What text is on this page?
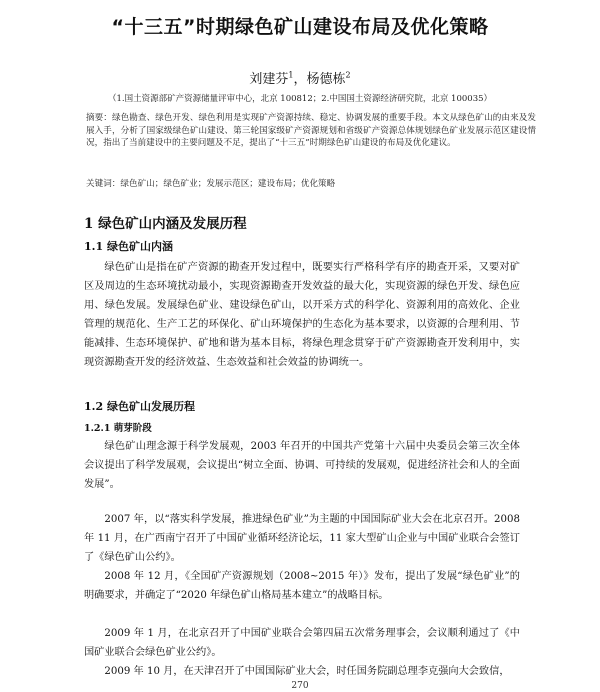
“十三五”时期绿色矿山建设布局及优化策略
刘建芬$^1$，杨德栋$^2$
（1.国土资源部矿产资源储量评审中心，北京 100812；2.中国国土资源经济研究院，北京 100035）
摘要：绿色勘查、绿色开发、绿色利用是实现矿产资源持续、稳定、协调发展的重要手段。本文从绿色矿山的由来及发展入手，分析了国家级绿色矿山建设、第三轮国家级矿产资源规划和省级矿产资源总体规划绿色矿业发展示范区建设情况，指出了当前建设中的主要问题及不足，提出了“十三五”时期绿色矿山建设的布局及优化建议。
关键词：绿色矿山；绿色矿业；发展示范区；建设布局；优化策略
1 绿色矿山内涵及发展历程
1.1 绿色矿山内涵
绿色矿山是指在矿产资源的勘查开发过程中，既要实行严格科学有序的勘查开采，又要对矿区及周边的生态环境扰动最小，实现资源勘查开发效益的最大化，实现资源的绿色开发、绿色应用、绿色发展。发展绿色矿业、建设绿色矿山，以开采方式的科学化、资源利用的高效化、企业管理的规范化、生产工艺的环保化、矿山环境保护的生态化为基本要求，以资源的合理利用、节能减排、生态环境保护、矿地和谐为基本目标，将绿色理念贯穿于矿产资源勘查开发利用中，实现资源勘查开发的经济效益、生态效益和社会效益的协调统一。
1.2 绿色矿山发展历程
1.2.1 萌芽阶段
绿色矿山理念源于科学发展观，2003 年召开的中国共产党第十六届中央委员会第三次全体会议提出了科学发展观，会议提出“树立全面、协调、可持续的发展观，促进经济社会和人的全面发展”。
2007 年，以“落实科学发展，推进绿色矿业”为主题的中国国际矿业大会在北京召开。2008 年 11 月，在广西南宁召开了中国矿业循环经济论坛，11 家大型矿山企业与中国矿业联合会签订了《绿色矿山公约》。
2008 年 12 月，《全国矿产资源规划（2008~2015 年）》发布，提出了发展“绿色矿业”的明确要求，并确定了“2020 年绿色矿山格局基本建立”的战略目标。
2009 年 1 月，在北京召开了中国矿业联合会第四届五次常务理事会，会议顺利通过了《中国矿业联合会绿色矿业公约》。
2009 年 10 月，在天津召开了中国国际矿业大会，时任国务院副总理李克强向大会致信，
270
